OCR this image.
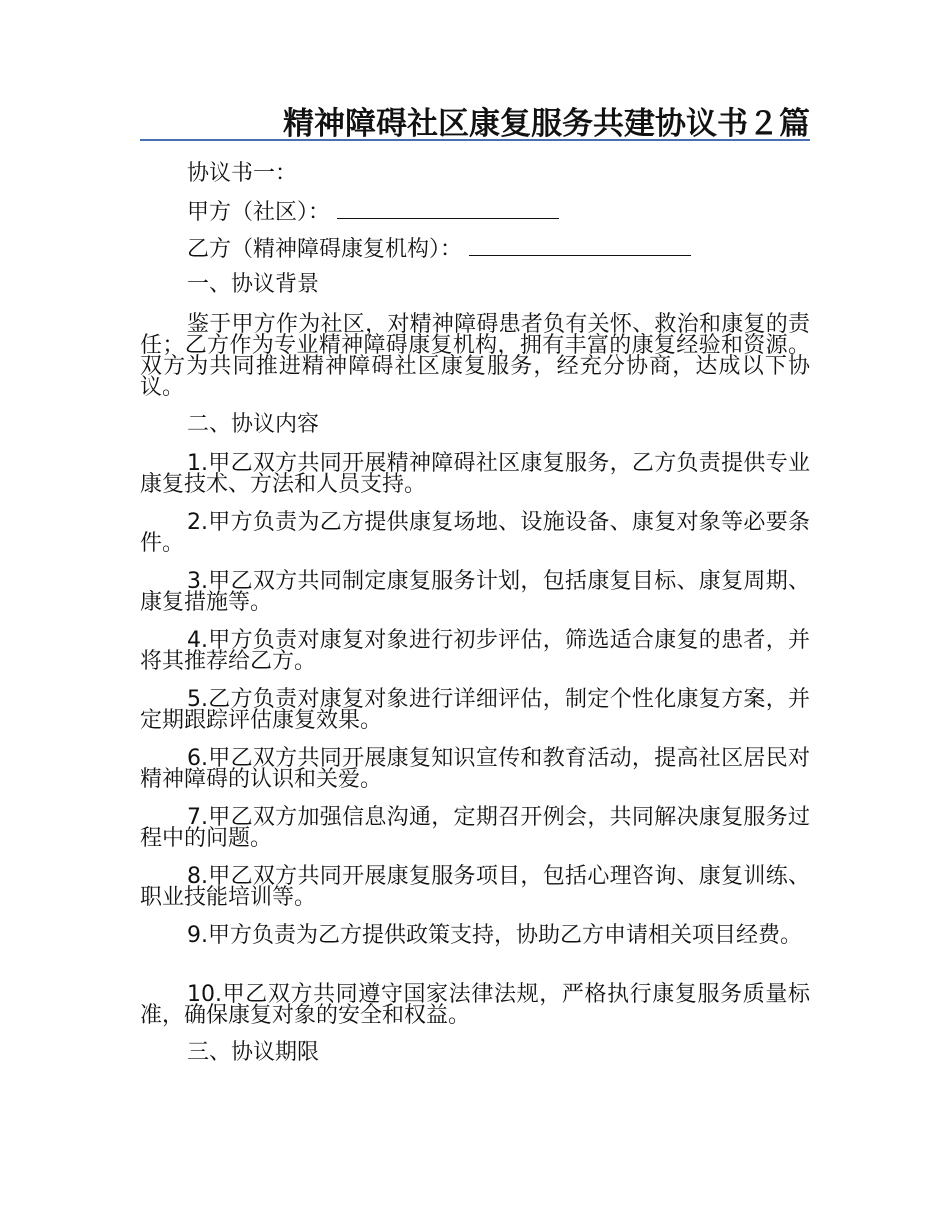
精神障碍社区康复服务共建协议书２篇
协议书一：
甲方（社区）：
乙方（精神障碍康复机构）：
一、协议背景
鉴于甲方作为社区，对精神障碍患者负有关怀、救治和康复的责任；乙方作为专业精神障碍康复机构，拥有丰富的康复经验和资源。双方为共同推进精神障碍社区康复服务，经充分协商，达成以下协议。
二、协议内容
1.甲乙双方共同开展精神障碍社区康复服务，乙方负责提供专业康复技术、方法和人员支持。
2.甲方负责为乙方提供康复场地、设施设备、康复对象等必要条件。
3.甲乙双方共同制定康复服务计划，包括康复目标、康复周期、康复措施等。
4.甲方负责对康复对象进行初步评估，筛选适合康复的患者，并将其推荐给乙方。
5.乙方负责对康复对象进行详细评估，制定个性化康复方案，并定期跟踪评估康复效果。
6.甲乙双方共同开展康复知识宣传和教育活动，提高社区居民对精神障碍的认识和关爱。
7.甲乙双方加强信息沟通，定期召开例会，共同解决康复服务过程中的问题。
8.甲乙双方共同开展康复服务项目，包括心理咨询、康复训练、职业技能培训等。
9.甲方负责为乙方提供政策支持，协助乙方申请相关项目经费。
10.甲乙双方共同遵守国家法律法规，严格执行康复服务质量标准，确保康复对象的安全和权益。
三、协议期限
